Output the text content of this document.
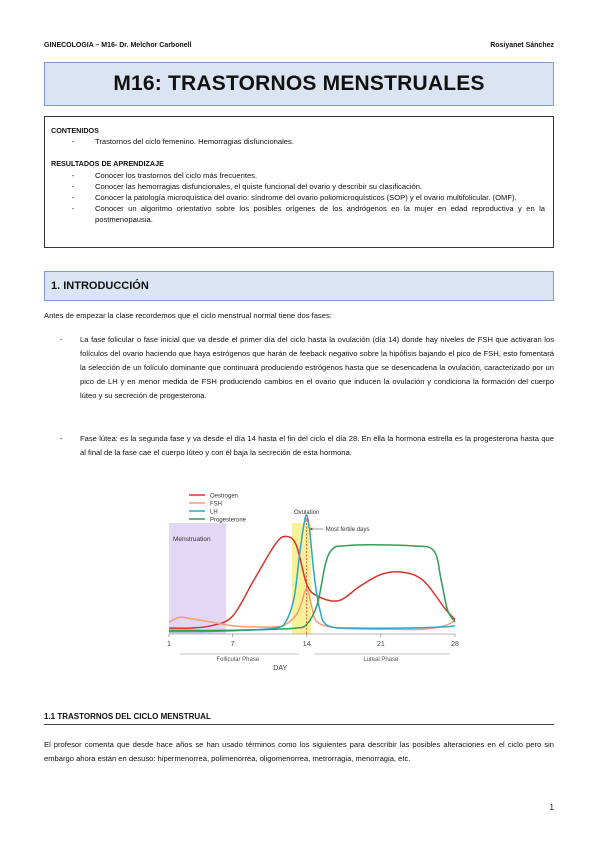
GINECOLOGIA – M16- Dr. Melchor Carbonell	Rosiyanet Sánchez
M16: TRASTORNOS MENSTRUALES
CONTENIDOS
-	Trastornos del ciclo femenino. Hemorragias disfuncionales.
RESULTADOS DE APRENDIZAJE
-	Conocer los trastornos del ciclo más frecuentes.
-	Conocer las hemorragias disfuncionales, el quiste funcional del ovario y describir su clasificación.
-	Conocer la patología microquística del ovario: síndrome del ovario poliomicroquísticos (SOP) y el ovario multifolicular. (OMF).
-	Conocer un algoritmo orientativo sobre los posibles orígenes de los andrógenos en la mujer en edad reproductiva y en la postmenopausia.
1. INTRODUCCIÓN
Antes de empezar la clase recordemos que el ciclo menstrual normal tiene dos fases:
-	La fase folicular o fase inicial que va desde el primer día del ciclo hasta la ovulación (día 14) donde hay niveles de FSH que activaran los folículos del ovario haciendo que haya estrógenos que harán de feeback negativo sobre la hipófisis bajando el pico de FSH, esto fomentará la selección de un folículo dominante que continuará produciendo estrógenos hasta que se desencadena la ovulación, caracterizado por un pico de LH y en menor medida de FSH produciendo cambios en el ovario que inducen la ovulación y condiciona la formación del cuerpo lúteo y su secreción de progesterona.
-	Fase lútea: es la segunda fase y va desde el día 14 hasta el fin del ciclo el día 28. En ella la hormona estrella es la progesterona hasta que al final de la fase cae el cuerpo lúteo y con él baja la secreción de esta hormona.
Oestrogen
FSH
LH
Progesterone
1	7	14	21	28
Menstruation
Ovulation
⊗
Most fertile days
Follicular Phase	Luteal Phase
DAY
1.1 TRASTORNOS DEL CICLO MENSTRUAL
El profesor comenta que desde hace años se han usado términos como los siguientes para describir las posibles alteraciones en el ciclo pero sin embargo ahora están en desuso: hipermenorrea, polimenorrea, oligomenorrea, metrorragia, menorragia, etc.
1
